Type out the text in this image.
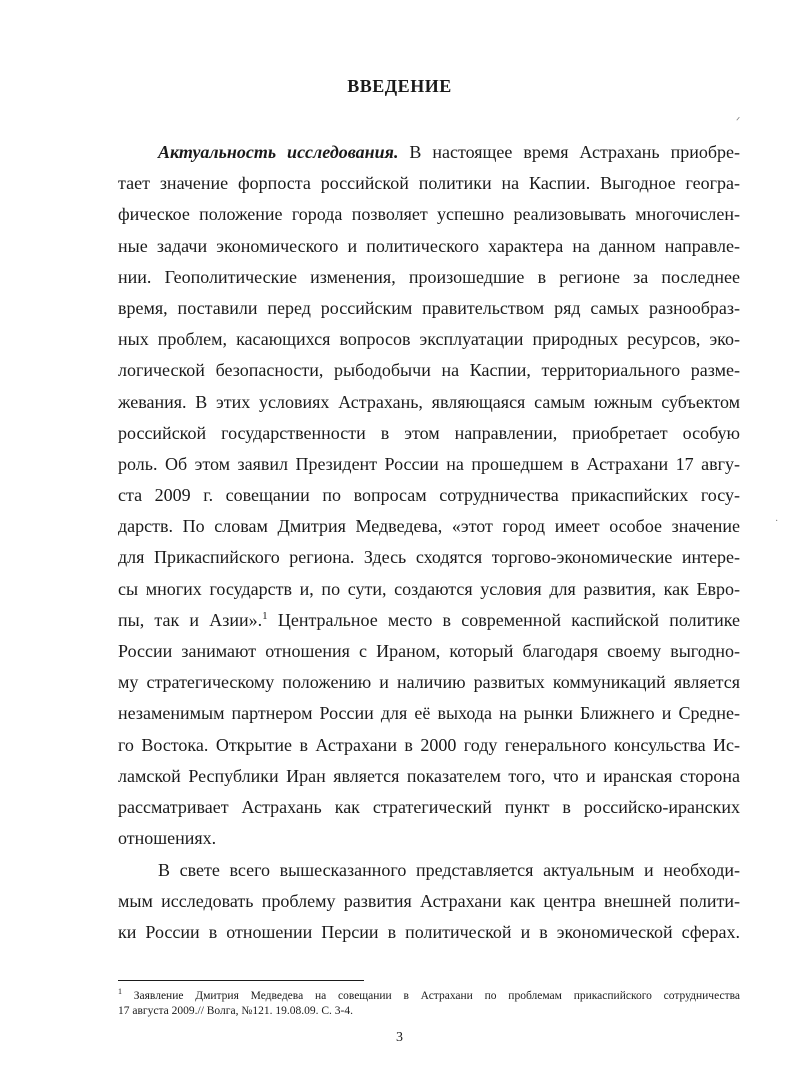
ВВЕДЕНИЕ
Актуальность исследования. В настоящее время Астрахань приобре-
тает значение форпоста российской политики на Каспии. Выгодное геогра-
фическое положение города позволяет успешно реализовывать многочислен-
ные задачи экономического и политического характера на данном направле-
нии. Геополитические изменения, произошедшие в регионе за последнее
время, поставили перед российским правительством ряд самых разнообраз-
ных проблем, касающихся вопросов эксплуатации природных ресурсов, эко-
логической безопасности, рыбодобычи на Каспии, территориального разме-
жевания. В этих условиях Астрахань, являющаяся самым южным субъектом
российской государственности в этом направлении, приобретает особую
роль. Об этом заявил Президент России на прошедшем в Астрахани 17 авгу-
ста 2009 г. совещании по вопросам сотрудничества прикаспийских госу-
дарств. По словам Дмитрия Медведева, «этот город имеет особое значение
для Прикаспийского региона. Здесь сходятся торгово-экономические интере-
сы многих государств и, по сути, создаются условия для развития, как Евро-
пы, так и Азии».$^1$ Центральное место в современной каспийской политике
России занимают отношения с Ираном, который благодаря своему выгодно-
му стратегическому положению и наличию развитых коммуникаций является
незаменимым партнером России для её выхода на рынки Ближнего и Средне-
го Востока. Открытие в Астрахани в 2000 году генерального консульства Ис-
ламской Республики Иран является показателем того, что и иранская сторона
рассматривает Астрахань как стратегический пункт в российско-иранских
отношениях.
В свете всего вышесказанного представляется актуальным и необходи-
мым исследовать проблему развития Астрахани как центра внешней полити-
ки России в отношении Персии в политической и в экономической сферах.
$^1$ Заявление Дмитрия Медведева на совещании в Астрахани по проблемам прикаспийского сотрудничества
17 августа 2009.// Волга, №121. 19.08.09. С. 3-4.
3
ᐟ
·
